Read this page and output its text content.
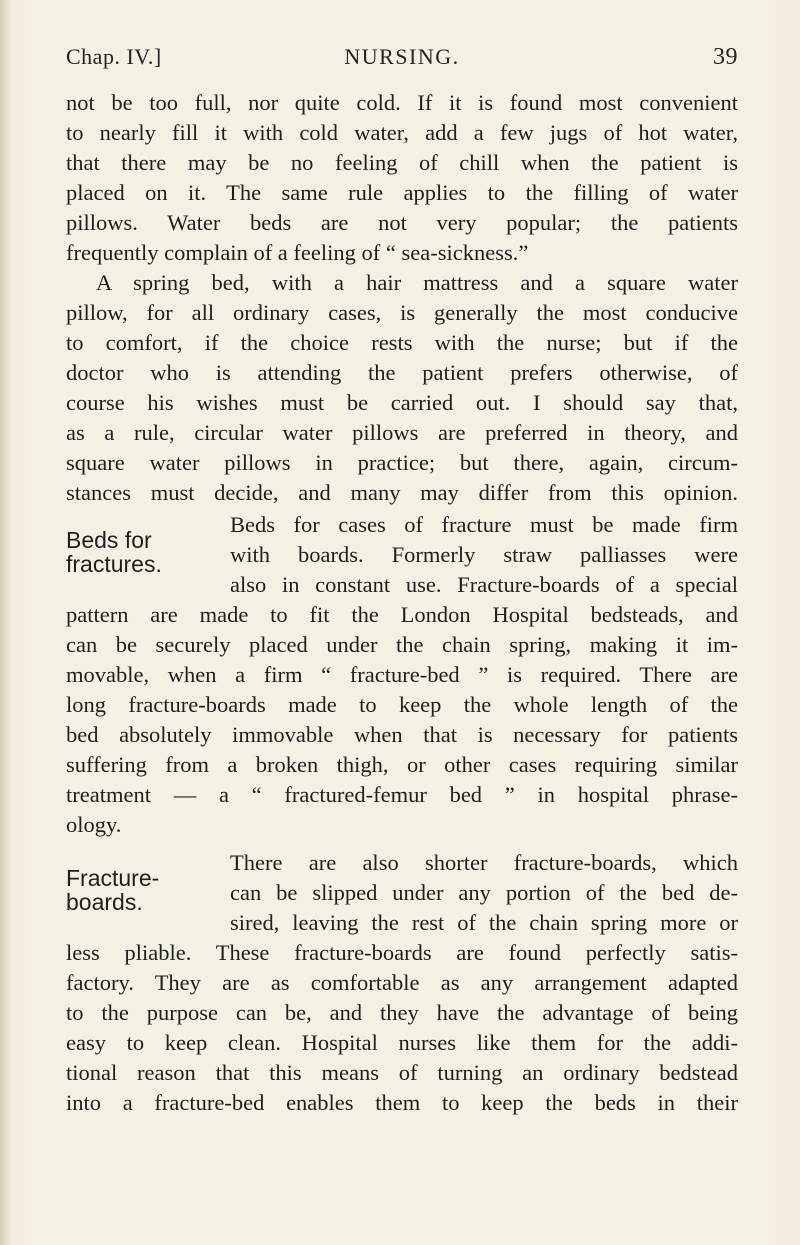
Chap. IV.]	NURSING.	39
not be too full, nor quite cold. If it is found most convenient
to nearly fill it with cold water, add a few jugs of hot water,
that there may be no feeling of chill when the patient is
placed on it. The same rule applies to the filling of water
pillows. Water beds are not very popular; the patients
frequently complain of a feeling of “ sea-sickness.”
A spring bed, with a hair mattress and a square water
pillow, for all ordinary cases, is generally the most conducive
to comfort, if the choice rests with the nurse; but if the
doctor who is attending the patient prefers otherwise, of
course his wishes must be carried out. I should say that,
as a rule, circular water pillows are preferred in theory, and
square water pillows in practice; but there, again, circum-
stances must decide, and many may differ from this opinion.
Beds for
fractures.
Beds for cases of fracture must be made firm
with boards. Formerly straw palliasses were
also in constant use. Fracture-boards of a special
pattern are made to fit the London Hospital bedsteads, and
can be securely placed under the chain spring, making it im-
movable, when a firm “ fracture-bed ” is required. There are
long fracture-boards made to keep the whole length of the
bed absolutely immovable when that is necessary for patients
suffering from a broken thigh, or other cases requiring similar
treatment — a “ fractured-femur bed ” in hospital phrase-
ology.
Fracture-
boards.
There are also shorter fracture-boards, which
can be slipped under any portion of the bed de-
sired, leaving the rest of the chain spring more or
less pliable. These fracture-boards are found perfectly satis-
factory. They are as comfortable as any arrangement adapted
to the purpose can be, and they have the advantage of being
easy to keep clean. Hospital nurses like them for the addi-
tional reason that this means of turning an ordinary bedstead
into a fracture-bed enables them to keep the beds in their
